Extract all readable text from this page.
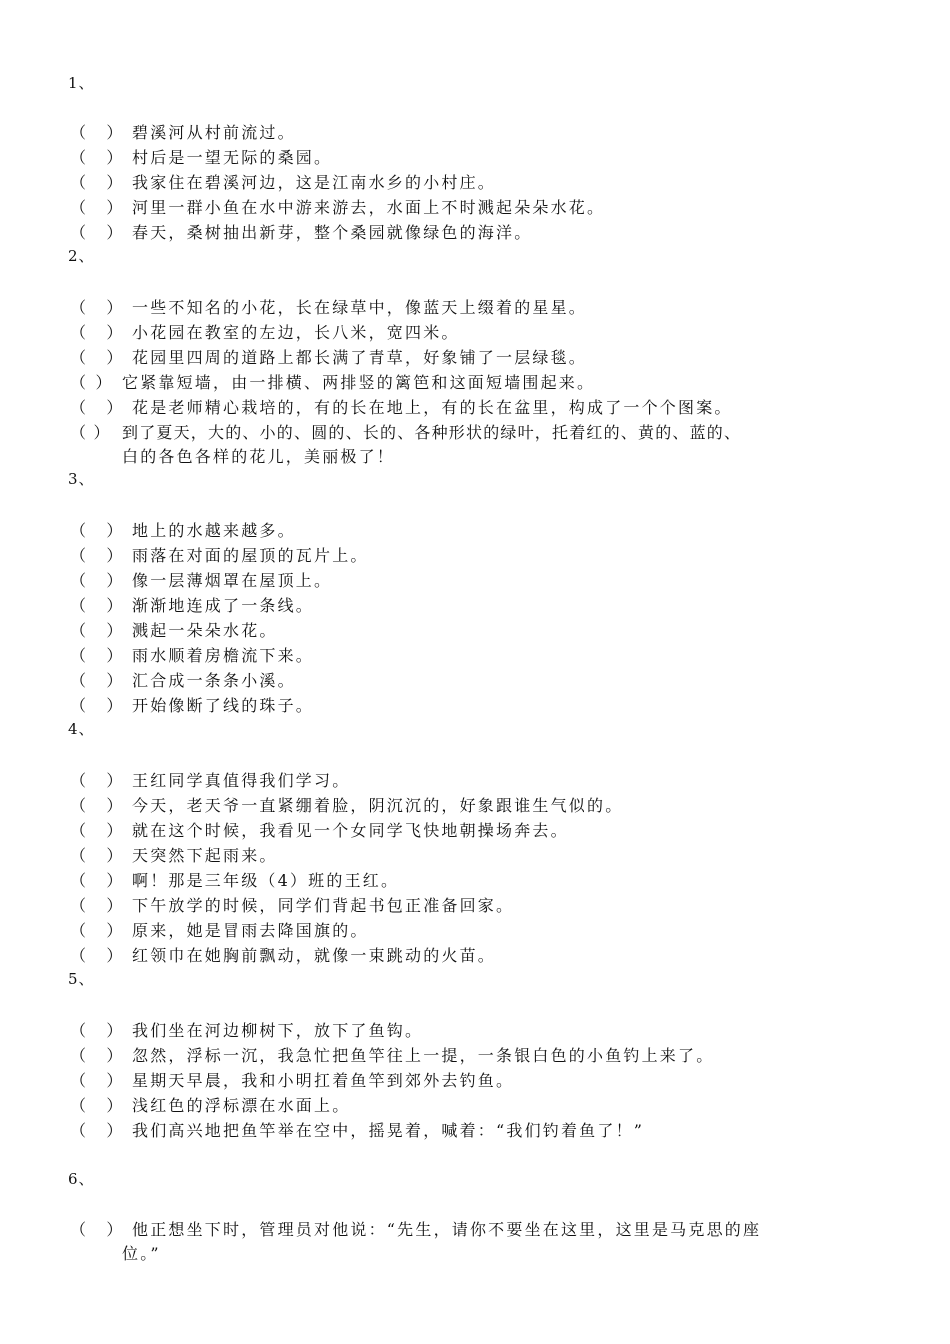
1、
（　） 碧溪河从村前流过。
（　） 村后是一望无际的桑园。
（　） 我家住在碧溪河边，这是江南水乡的小村庄。
（　） 河里一群小鱼在水中游来游去，水面上不时溅起朵朵水花。
（　） 春天，桑树抽出新芽，整个桑园就像绿色的海洋。
2、
（　） 一些不知名的小花，长在绿草中，像蓝天上缀着的星星。
（　） 小花园在教室的左边，长八米，宽四米。
（　） 花园里四周的道路上都长满了青草，好象铺了一层绿毯。
（ ） 它紧靠短墙，由一排横、两排竖的篱笆和这面短墙围起来。
（　） 花是老师精心栽培的，有的长在地上，有的长在盆里，构成了一个个图案。
（ ） 到了夏天，大的、小的、圆的、长的、各种形状的绿叶，托着红的、黄的、蓝的、
白的各色各样的花儿，美丽极了！
3、
（　） 地上的水越来越多。
（　） 雨落在对面的屋顶的瓦片上。
（　） 像一层薄烟罩在屋顶上。
（　） 渐渐地连成了一条线。
（　） 溅起一朵朵水花。
（　） 雨水顺着房檐流下来。
（　） 汇合成一条条小溪。
（　） 开始像断了线的珠子。
4、
（　） 王红同学真值得我们学习。
（　） 今天，老天爷一直紧绷着脸，阴沉沉的，好象跟谁生气似的。
（　） 就在这个时候，我看见一个女同学飞快地朝操场奔去。
（　） 天突然下起雨来。
（　） 啊！那是三年级（4）班的王红。
（　） 下午放学的时候，同学们背起书包正准备回家。
（　） 原来，她是冒雨去降国旗的。
（　） 红领巾在她胸前飘动，就像一束跳动的火苗。
5、
（　） 我们坐在河边柳树下，放下了鱼钩。
（　） 忽然，浮标一沉，我急忙把鱼竿往上一提，一条银白色的小鱼钓上来了。
（　） 星期天早晨，我和小明扛着鱼竿到郊外去钓鱼。
（　） 浅红色的浮标漂在水面上。
（　） 我们高兴地把鱼竿举在空中，摇晃着，喊着：“我们钓着鱼了！”
6、
（　） 他正想坐下时，管理员对他说：“先生，请你不要坐在这里，这里是马克思的座
位。”
